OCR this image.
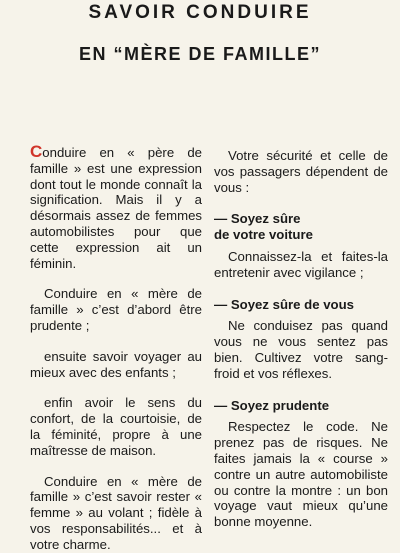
SAVOIR CONDUIRE
EN “MÈRE DE FAMILLE”

Conduire en « père de famille » est une expression dont tout le monde connaît la signification. Mais il y a désormais assez de femmes automobilistes pour que cette expression ait un féminin.

Conduire en « mère de famille » c’est d’abord être prudente ;

ensuite savoir voyager au mieux avec des enfants ;

enfin avoir le sens du confort, de la courtoisie, de la féminité, propre à une maîtresse de maison.

Conduire en « mère de famille » c’est savoir rester « femme » au volant ; fidèle à vos responsabilités... et à votre charme.

Votre sécurité et celle de vos passagers dépendent de vous :

— Soyez sûre
de votre voiture

Connaissez-la et faites-la entretenir avec vigilance ;

— Soyez sûre de vous

Ne conduisez pas quand vous ne vous sentez pas bien. Cultivez votre sang-froid et vos réflexes.

— Soyez prudente

Respectez le code. Ne prenez pas de risques. Ne faites jamais la « course » contre un autre automobiliste ou contre la montre : un bon voyage vaut mieux qu’une bonne moyenne.
